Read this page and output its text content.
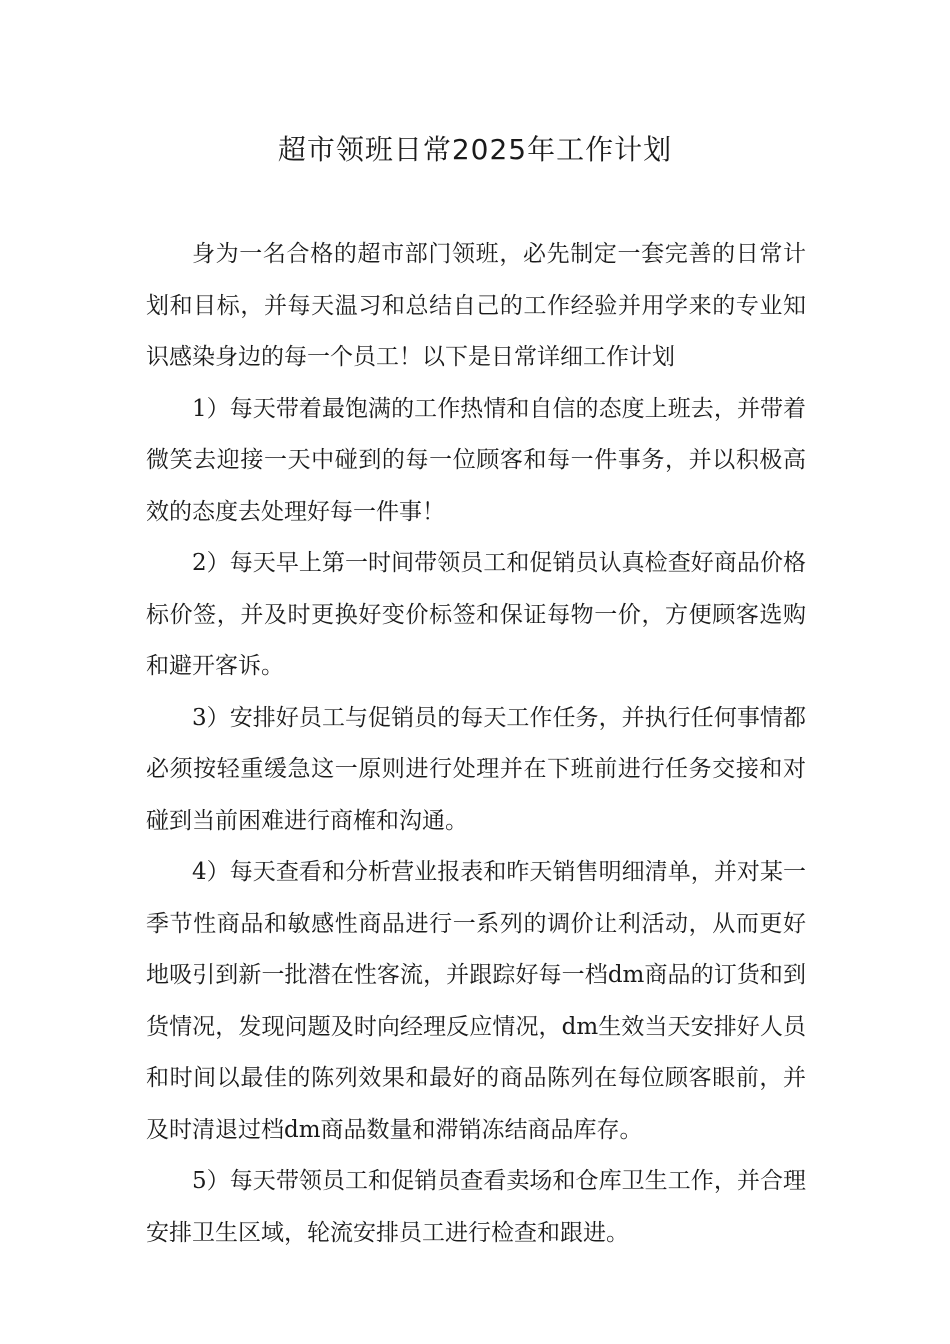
超市领班日常2025年工作计划

身为一名合格的超市部门领班，必先制定一套完善的日常计划和目标，并每天温习和总结自己的工作经验并用学来的专业知识感染身边的每一个员工！以下是日常详细工作计划

1）每天带着最饱满的工作热情和自信的态度上班去，并带着微笑去迎接一天中碰到的每一位顾客和每一件事务，并以积极高效的态度去处理好每一件事！

2）每天早上第一时间带领员工和促销员认真检查好商品价格标价签，并及时更换好变价标签和保证每物一价，方便顾客选购和避开客诉。

3）安排好员工与促销员的每天工作任务，并执行任何事情都必须按轻重缓急这一原则进行处理并在下班前进行任务交接和对碰到当前困难进行商榷和沟通。

4）每天查看和分析营业报表和昨天销售明细清单，并对某一季节性商品和敏感性商品进行一系列的调价让利活动，从而更好地吸引到新一批潜在性客流，并跟踪好每一档dm商品的订货和到货情况，发现问题及时向经理反应情况，dm生效当天安排好人员和时间以最佳的陈列效果和最好的商品陈列在每位顾客眼前，并及时清退过档dm商品数量和滞销冻结商品库存。

5）每天带领员工和促销员查看卖场和仓库卫生工作，并合理安排卫生区域，轮流安排员工进行检查和跟进。
